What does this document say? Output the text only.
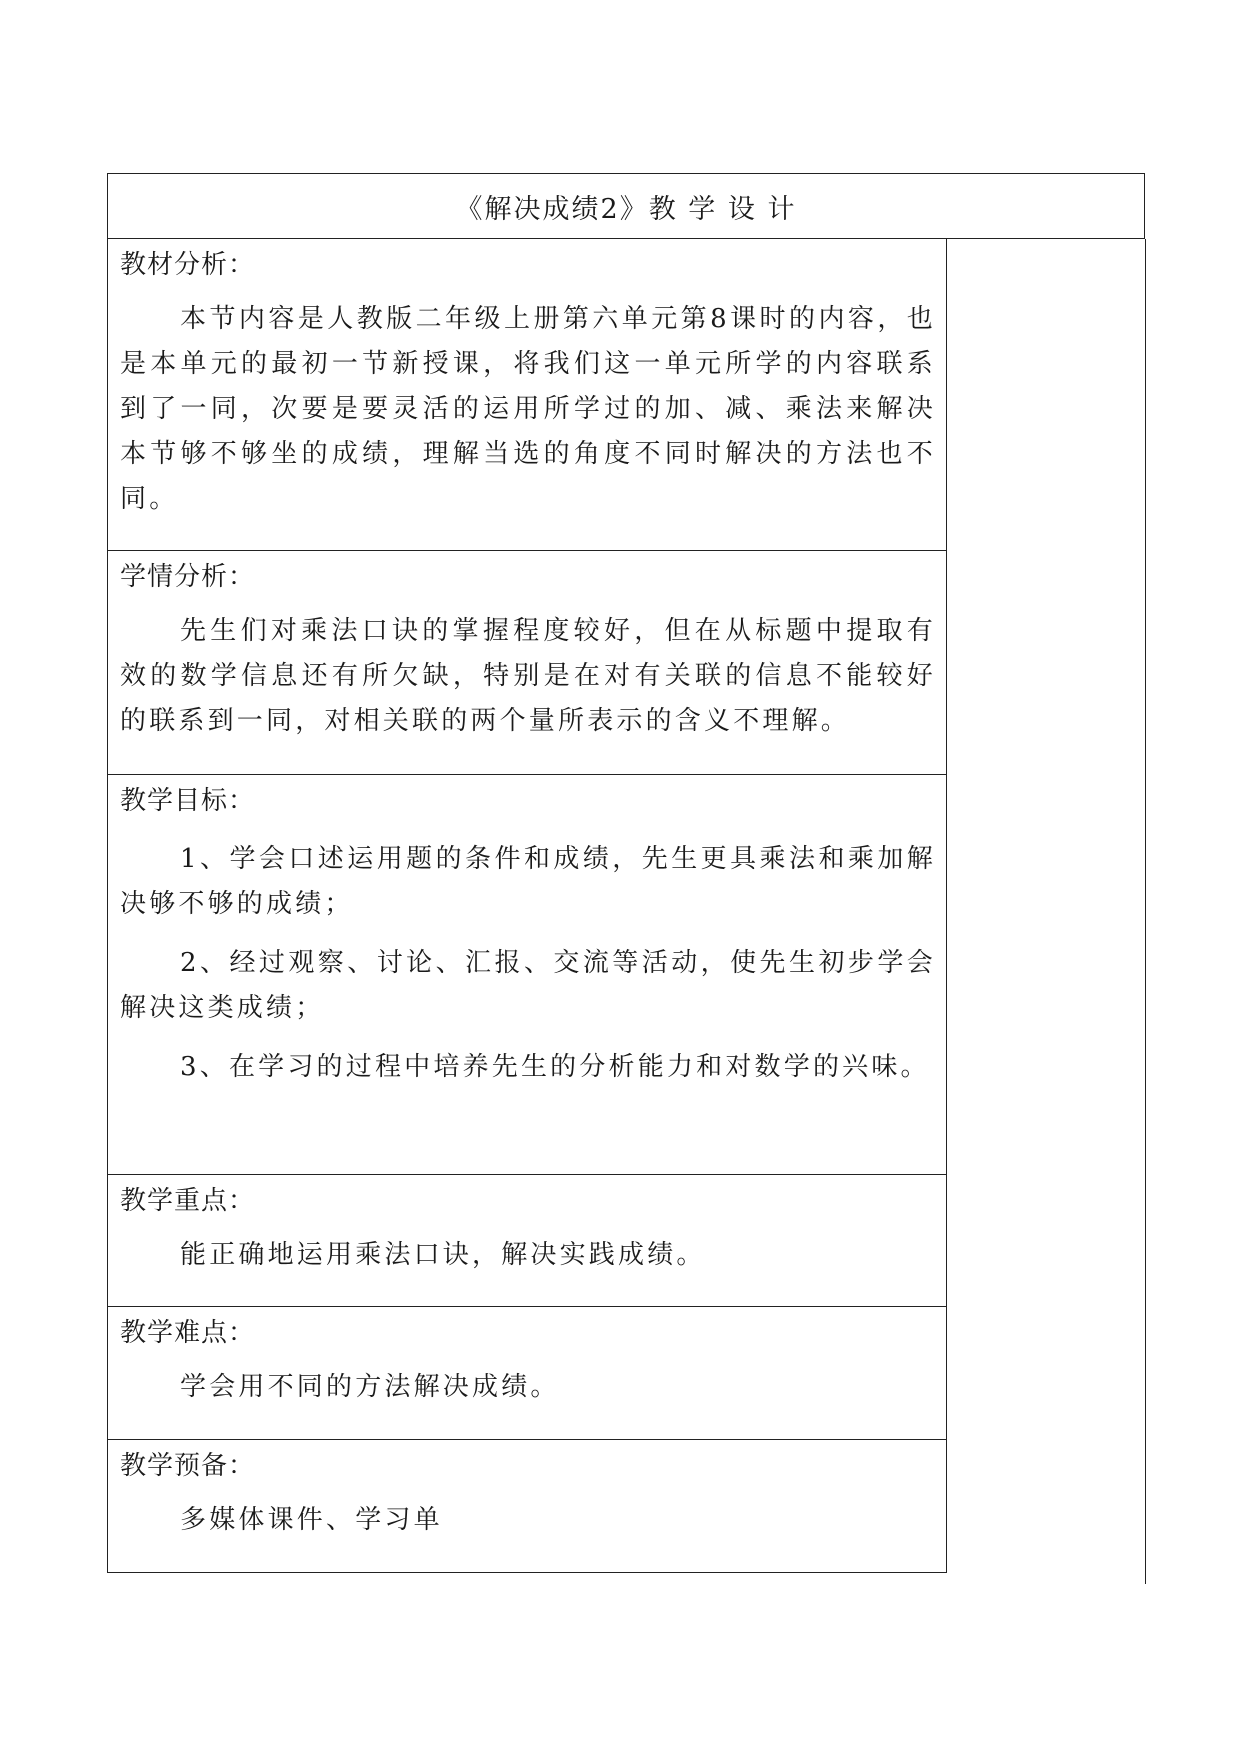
《解决成绩2》教 学 设 计
教材分析：

本节内容是人教版二年级上册第六单元第8课时的内容，也是本单元的最初一节新授课，将我们这一单元所学的内容联系到了一同，次要是要灵活的运用所学过的加、减、乘法来解决本节够不够坐的成绩，理解当选的角度不同时解决的方法也不同。

学情分析：

先生们对乘法口诀的掌握程度较好，但在从标题中提取有效的数学信息还有所欠缺，特别是在对有关联的信息不能较好的联系到一同，对相关联的两个量所表示的含义不理解。

教学目标：

1、学会口述运用题的条件和成绩，先生更具乘法和乘加解决够不够的成绩；

2、经过观察、讨论、汇报、交流等活动，使先生初步学会解决这类成绩；

3、在学习的过程中培养先生的分析能力和对数学的兴味。

教学重点：

能正确地运用乘法口诀，解决实践成绩。

教学难点：

学会用不同的方法解决成绩。

教学预备：

多媒体课件、学习单
